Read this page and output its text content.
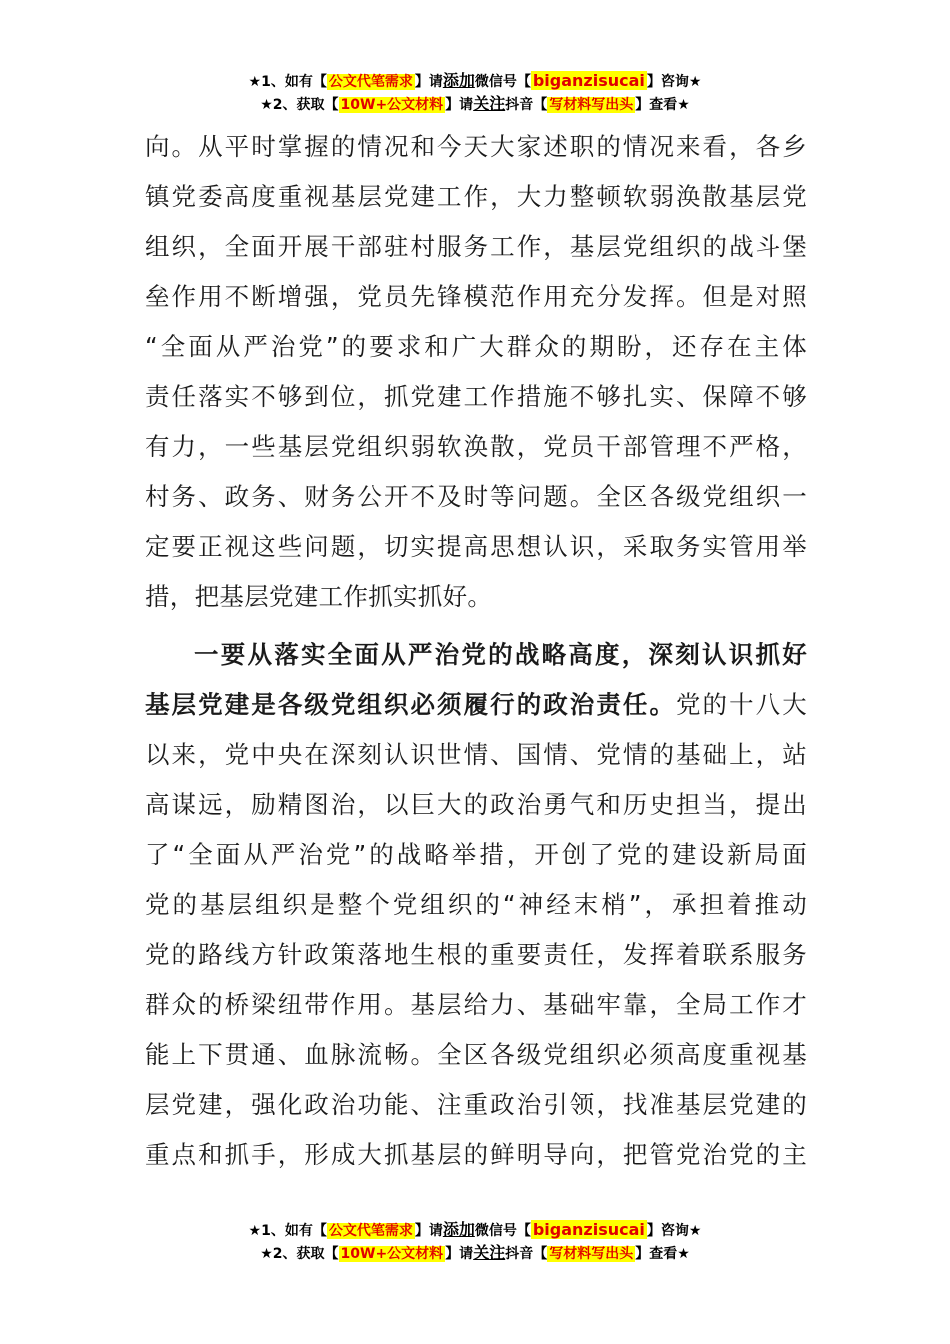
★1、如有【 公文代笔需求 】请添加微信号【 biganzisucai 】咨询★
★2、获取【 10W+公文材料 】请关注抖音【 写材料写出头 】查看★
向。从平时掌握的情况和今天大家述职的情况来看，各乡
镇党委高度重视基层党建工作，大力整顿软弱涣散基层党
组织，全面开展干部驻村服务工作，基层党组织的战斗堡
垒作用不断增强，党员先锋模范作用充分发挥。但是对照
“全面从严治党”的要求和广大群众的期盼，还存在主体
责任落实不够到位，抓党建工作措施不够扎实、保障不够
有力，一些基层党组织弱软涣散，党员干部管理不严格，
村务、政务、财务公开不及时等问题。全区各级党组织一
定要正视这些问题，切实提高思想认识，采取务实管用举
措，把基层党建工作抓实抓好。
一要从落实全面从严治党的战略高度，深刻认识抓好
基层党建是各级党组织必须履行的政治责任。党的十八大
以来，党中央在深刻认识世情、国情、党情的基础上，站
高谋远，励精图治，以巨大的政治勇气和历史担当，提出
了“全面从严治党”的战略举措，开创了党的建设新局面
党的基层组织是整个党组织的“神经末梢”，承担着推动
党的路线方针政策落地生根的重要责任，发挥着联系服务
群众的桥梁纽带作用。基层给力、基础牢靠，全局工作才
能上下贯通、血脉流畅。全区各级党组织必须高度重视基
层党建，强化政治功能、注重政治引领，找准基层党建的
重点和抓手，形成大抓基层的鲜明导向，把管党治党的主
★1、如有【 公文代笔需求 】请添加微信号【 biganzisucai 】咨询★
★2、获取【 10W+公文材料 】请关注抖音【 写材料写出头 】查看★
